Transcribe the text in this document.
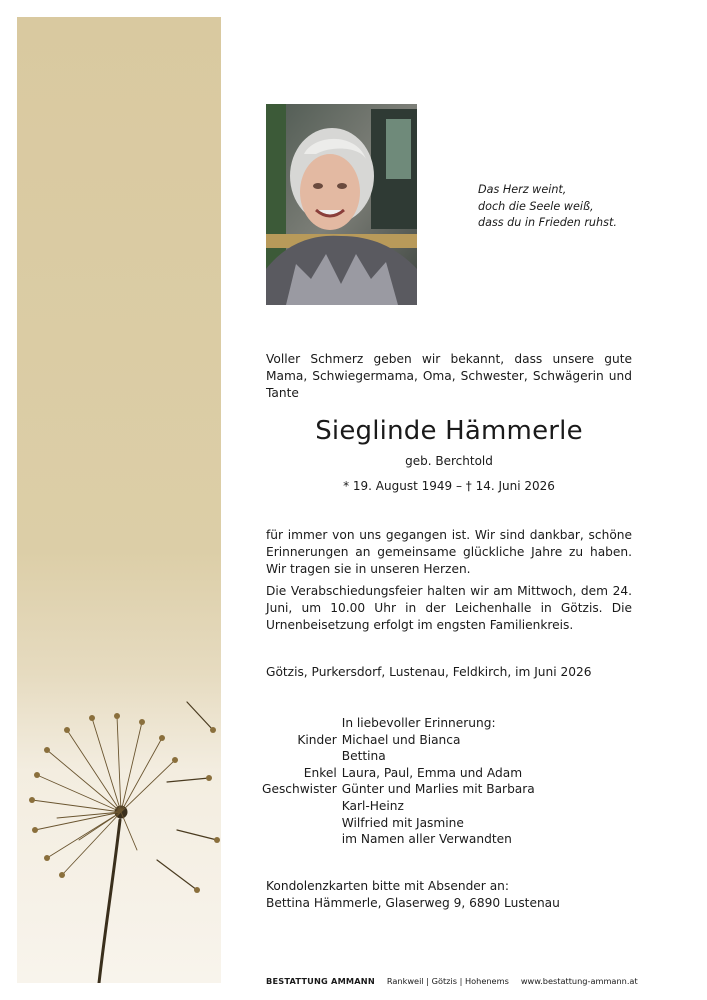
Das Herz weint,
doch die Seele weiß,
dass du in Frieden ruhst.

Voller Schmerz geben wir bekannt, dass unsere gute Mama, Schwiegermama, Oma, Schwester, Schwägerin und Tante

Sieglinde Hämmerle
geb. Berchtold
* 19. August 1949 – † 14. Juni 2026

für immer von uns gegangen ist. Wir sind dankbar, schöne Erinnerungen an gemeinsame glückliche Jahre zu haben. Wir tragen sie in unseren Herzen.

Die Verabschiedungsfeier halten wir am Mittwoch, dem 24. Juni, um 10.00 Uhr in der Leichenhalle in Götzis. Die Urnenbeisetzung erfolgt im engsten Familienkreis.

Götzis, Purkersdorf, Lustenau, Feldkirch, im Juni 2026
	In liebevoller Erinnerung:
Kinder	Michael und Bianca
	Bettina
Enkel	Laura, Paul, Emma und Adam
Geschwister	Günter und Marlies mit Barbara
	Karl-Heinz
	Wilfried mit Jasmine
	im Namen aller Verwandten
Kondolenzkarten bitte mit Absender an:
Bettina Hämmerle, Glaserweg 9, 6890 Lustenau
BESTATTUNG AMMANN Rankweil | Götzis | Hohenems www.bestattung-ammann.at
